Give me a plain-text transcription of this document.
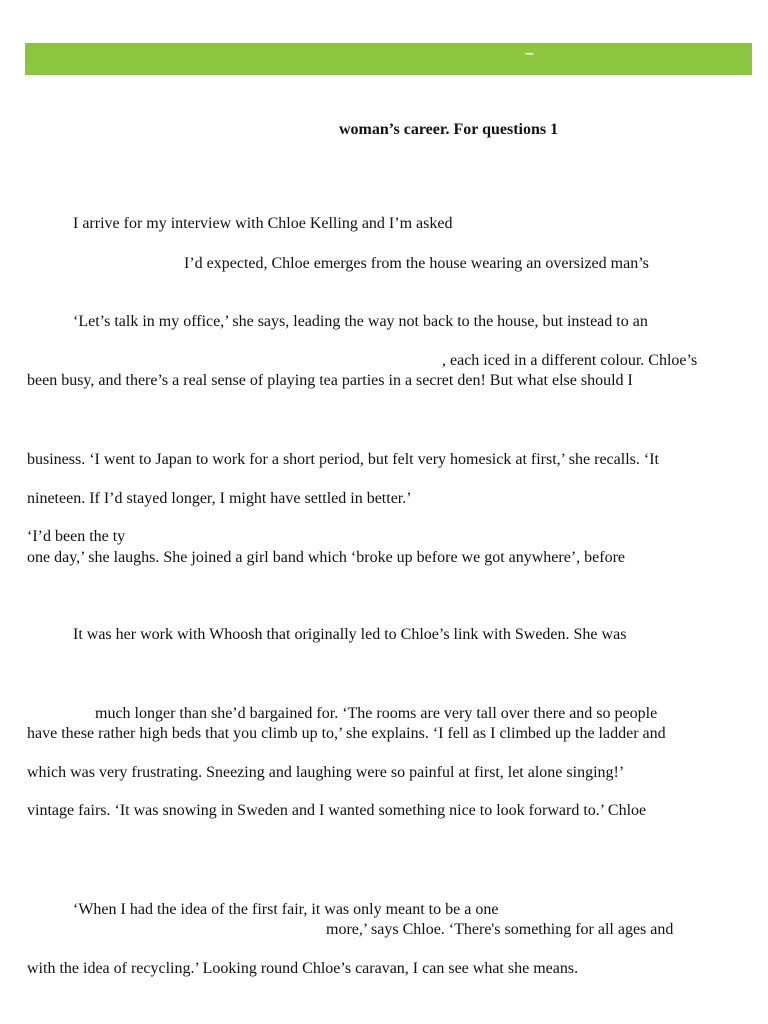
–
woman’s career. For questions 1
I arrive for my interview with Chloe Kelling and I’m asked
I’d expected, Chloe emerges from the house wearing an oversized man’s
‘Let’s talk in my office,’ she says, leading the way not back to the house, but instead to an
, each iced in a different colour. Chloe’s
been busy, and there’s a real sense of playing tea parties in a secret den! But what else should I
business. ‘I went to Japan to work for a short period, but felt very homesick at first,’ she recalls. ‘It
nineteen. If I’d stayed longer, I might have settled in better.’
‘I’d been the ty
one day,’ she laughs. She joined a girl band which ‘broke up before we got anywhere’, before
It was her work with Whoosh that originally led to Chloe’s link with Sweden. She was
much longer than she’d bargained for. ‘The rooms are very tall over there and so people
have these rather high beds that you climb up to,’ she explains. ‘I fell as I climbed up the ladder and
which was very frustrating. Sneezing and laughing were so painful at first, let alone singing!’
vintage fairs. ‘It was snowing in Sweden and I wanted something nice to look forward to.’ Chloe
‘When I had the idea of the first fair, it was only meant to be a one
more,’ says Chloe. ‘There's something for all ages and
with the idea of recycling.’ Looking round Chloe’s caravan, I can see what she means.
